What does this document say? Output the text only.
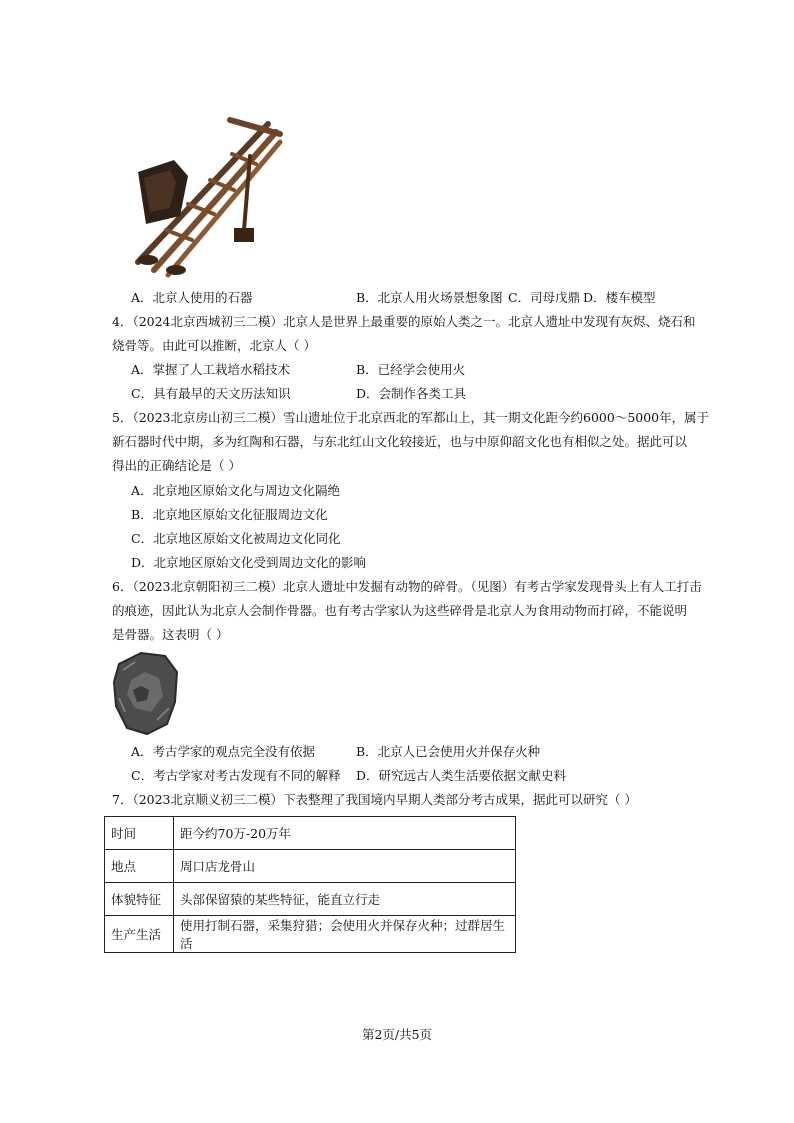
A．北京人使用的石器	B．北京人用火场景想象图 C．司母戊鼎 D．楼车模型
4．（2024北京西城初三二模）北京人是世界上最重要的原始人类之一。北京人遗址中发现有灰烬、烧石和
烧骨等。由此可以推断，北京人（ ）
A．掌握了人工栽培水稻技术	B．已经学会使用火
C．具有最早的天文历法知识	D．会制作各类工具
5．（2023北京房山初三二模）雪山遗址位于北京西北的军都山上，其一期文化距今约6000～5000年，属于
新石器时代中期，多为红陶和石器，与东北红山文化较接近，也与中原仰韶文化也有相似之处。据此可以
得出的正确结论是（ ）
A．北京地区原始文化与周边文化隔绝
B．北京地区原始文化征服周边文化
C．北京地区原始文化被周边文化同化
D．北京地区原始文化受到周边文化的影响
6．（2023北京朝阳初三二模）北京人遗址中发掘有动物的碎骨。（见图）有考古学家发现骨头上有人工打击
的痕迹，因此认为北京人会制作骨器。也有考古学家认为这些碎骨是北京人为食用动物而打碎，不能说明
是骨器。这表明（ ）
A．考古学家的观点完全没有依据	B．北京人已会使用火并保存火种
C．考古学家对考古发现有不同的解释 D．研究远古人类生活要依据文献史料
7．（2023北京顺义初三二模）下表整理了我国境内早期人类部分考古成果，据此可以研究（ ）
时间	距今约70万-20万年
地点	周口店龙骨山
体貌特征	头部保留猿的某些特征，能直立行走
生产生活	使用打制石器，采集狩猎；会使用火并保存火种；过群居生活
第2页/共5页
